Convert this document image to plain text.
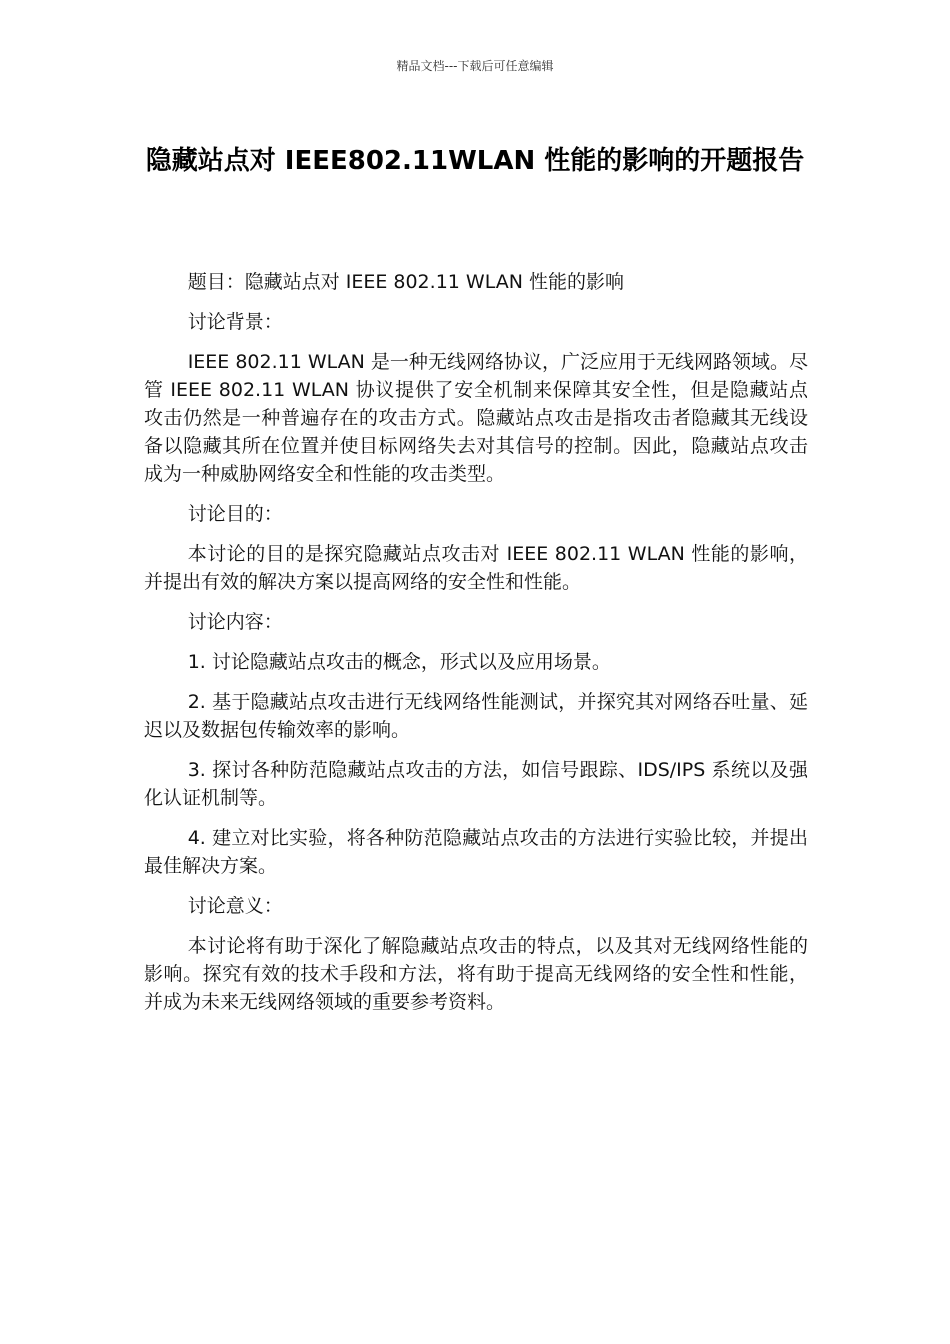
精品文档---下载后可任意编辑
隐藏站点对 IEEE802.11WLAN 性能的影响的开题报告

题目：隐藏站点对 IEEE 802.11 WLAN 性能的影响

讨论背景：

IEEE 802.11 WLAN 是一种无线网络协议，广泛应用于无线网路领域。尽管 IEEE 802.11 WLAN 协议提供了安全机制来保障其安全性，但是隐藏站点攻击仍然是一种普遍存在的攻击方式。隐藏站点攻击是指攻击者隐藏其无线设备以隐藏其所在位置并使目标网络失去对其信号的控制。因此，隐藏站点攻击成为一种威胁网络安全和性能的攻击类型。

讨论目的：

本讨论的目的是探究隐藏站点攻击对 IEEE 802.11 WLAN 性能的影响，并提出有效的解决方案以提高网络的安全性和性能。

讨论内容：

1. 讨论隐藏站点攻击的概念，形式以及应用场景。

2. 基于隐藏站点攻击进行无线网络性能测试，并探究其对网络吞吐量、延迟以及数据包传输效率的影响。

3. 探讨各种防范隐藏站点攻击的方法，如信号跟踪、IDS/IPS 系统以及强化认证机制等。

4. 建立对比实验，将各种防范隐藏站点攻击的方法进行实验比较，并提出最佳解决方案。

讨论意义：

本讨论将有助于深化了解隐藏站点攻击的特点，以及其对无线网络性能的影响。探究有效的技术手段和方法，将有助于提高无线网络的安全性和性能，并成为未来无线网络领域的重要参考资料。
